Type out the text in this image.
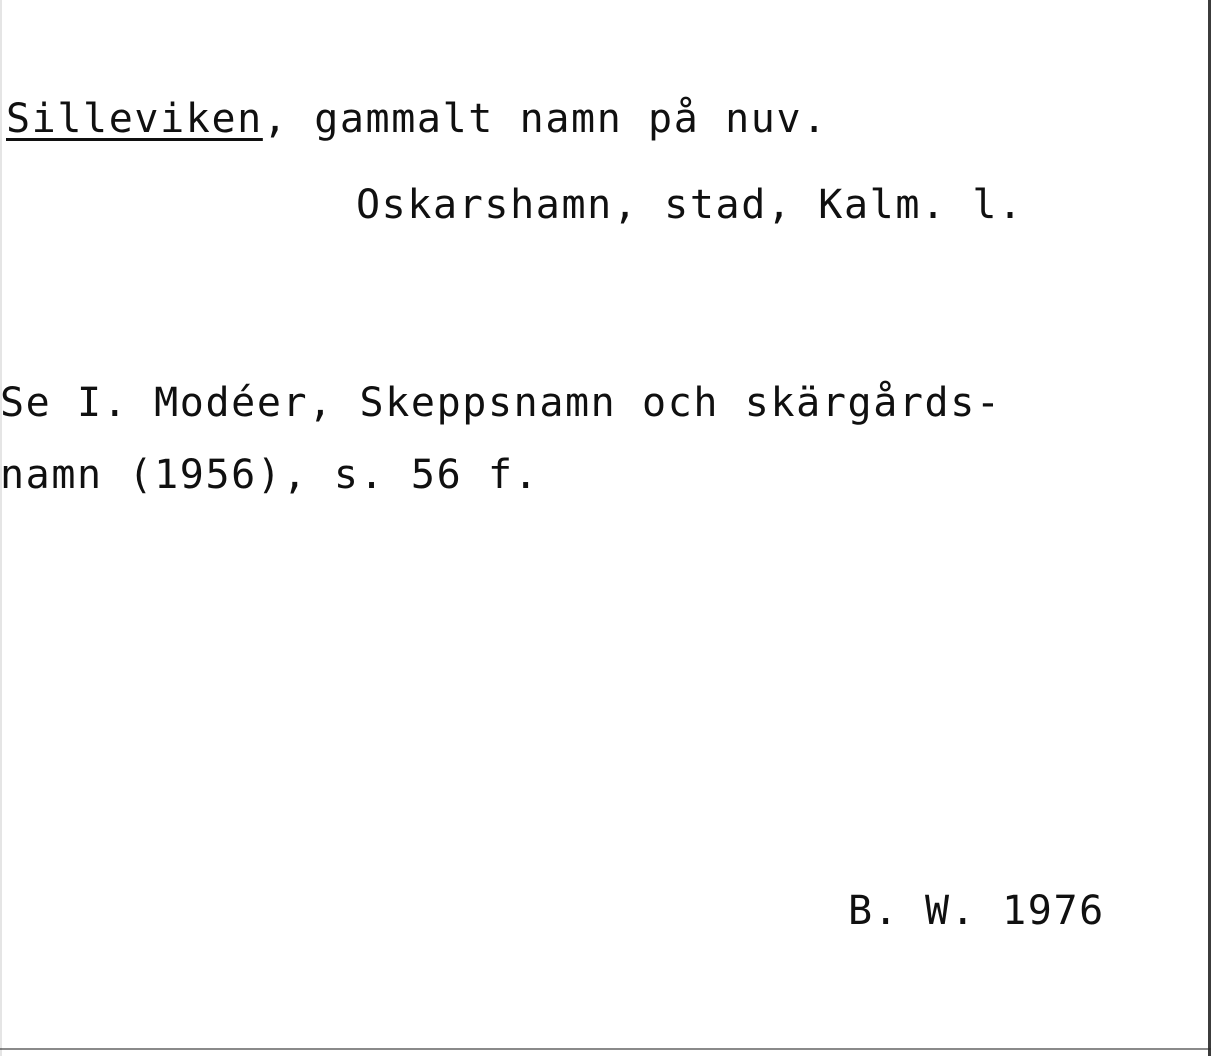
Silleviken, gammalt namn på nuv.
Oskarshamn, stad, Kalm. l.
Se I. Modéer, Skeppsnamn och skärgårds-
namn (1956), s. 56 f.
B. W. 1976
